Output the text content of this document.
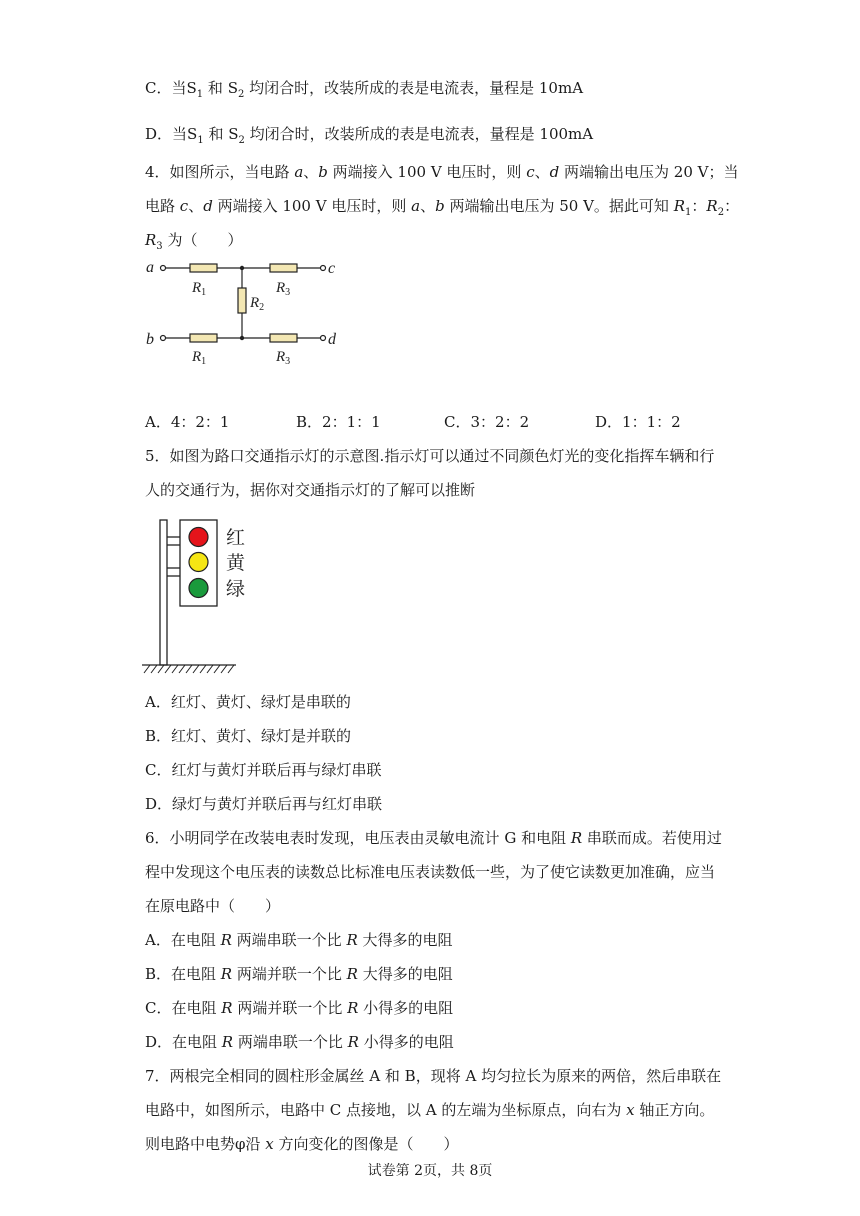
C．当$S_1$ 和 $S_2$ 均闭合时，改装所成的表是电流表，量程是 10mA
D．当$S_1$ 和 $S_2$ 均闭合时，改装所成的表是电流表，量程是 100mA
4．如图所示，当电路 a、b 两端接入 100 V 电压时，则 c、d 两端输出电压为 20 V；当
电路 c、d 两端接入 100 V 电压时，则 a、b 两端输出电压为 50 V。据此可知 $R_1$：$R_2$：
$R_3$ 为（　　）
a	c
b	d
$R_1$	$R_3$
$R_2$
$R_1$	$R_3$
A．4：2：1	B．2：1：1	C．3：2：2	D．1：1：2
5．如图为路口交通指示灯的示意图.指示灯可以通过不同颜色灯光的变化指挥车辆和行
人的交通行为，据你对交通指示灯的了解可以推断
红
黄
绿
A．红灯、黄灯、绿灯是串联的
B．红灯、黄灯、绿灯是并联的
C．红灯与黄灯并联后再与绿灯串联
D．绿灯与黄灯并联后再与红灯串联
6．小明同学在改装电表时发现，电压表由灵敏电流计 G 和电阻 R 串联而成。若使用过
程中发现这个电压表的读数总比标准电压表读数低一些，为了使它读数更加准确，应当
在原电路中（　　）
A．在电阻 R 两端串联一个比 R 大得多的电阻
B．在电阻 R 两端并联一个比 R 大得多的电阻
C．在电阻 R 两端并联一个比 R 小得多的电阻
D．在电阻 R 两端串联一个比 R 小得多的电阻
7．两根完全相同的圆柱形金属丝 A 和 B，现将 A 均匀拉长为原来的两倍，然后串联在
电路中，如图所示，电路中 C 点接地，以 A 的左端为坐标原点，向右为 x 轴正方向。
则电路中电势φ沿 x 方向变化的图像是（　　）
试卷第 2页，共 8页
